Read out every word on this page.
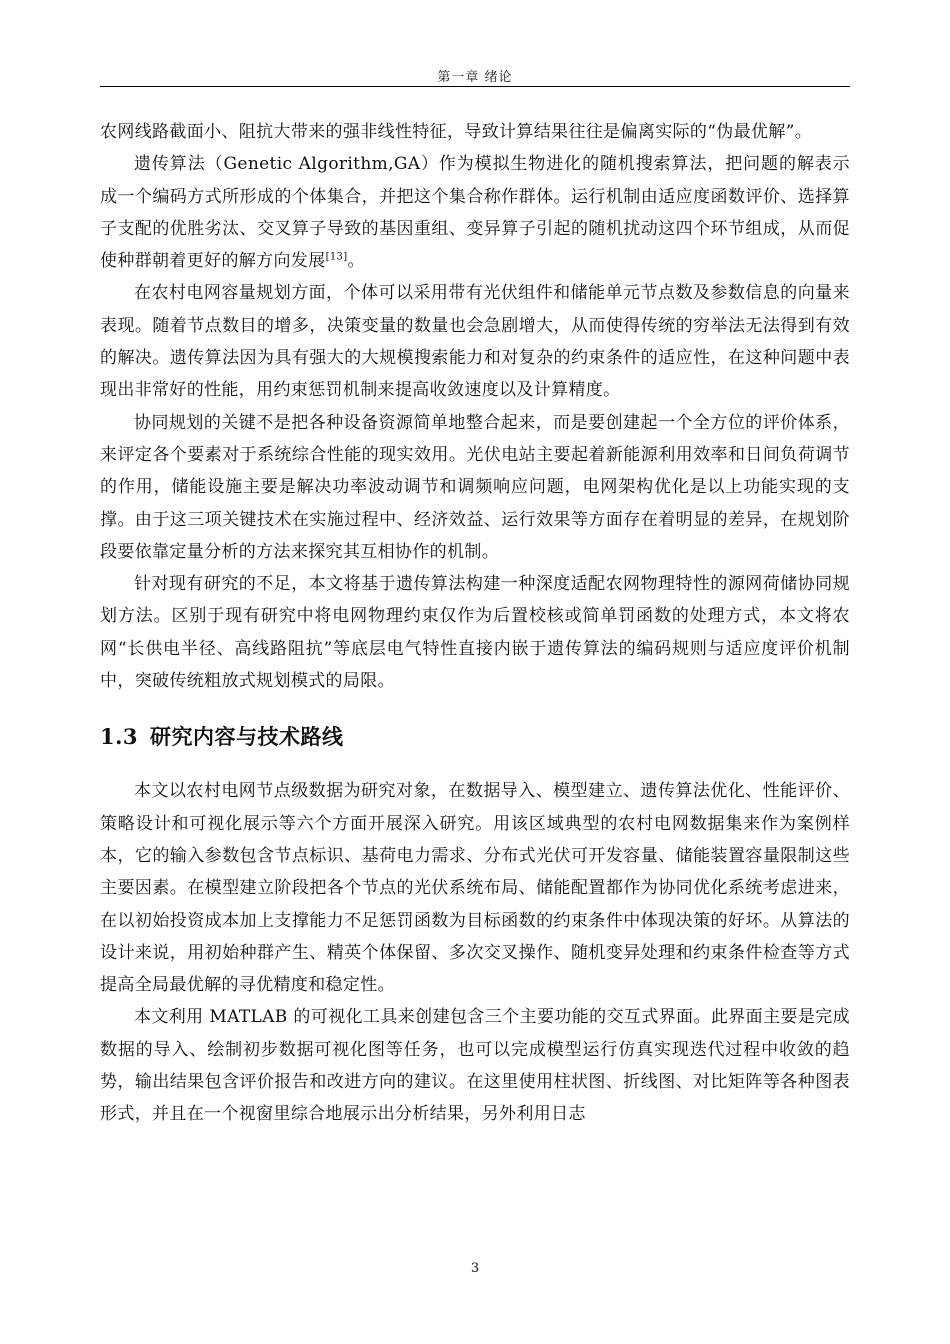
第一章 绪论

农网线路截面小、阻抗大带来的强非线性特征，导致计算结果往往是偏离实际的“伪最优解”。

遗传算法（Genetic Algorithm,GA）作为模拟生物进化的随机搜索算法，把问题的解表示成一个编码方式所形成的个体集合，并把这个集合称作群体。运行机制由适应度函数评价、选择算子支配的优胜劣汰、交叉算子导致的基因重组、变异算子引起的随机扰动这四个环节组成，从而促使种群朝着更好的解方向发展[13]。

在农村电网容量规划方面，个体可以采用带有光伏组件和储能单元节点数及参数信息的向量来表现。随着节点数目的增多，决策变量的数量也会急剧增大，从而使得传统的穷举法无法得到有效的解决。遗传算法因为具有强大的大规模搜索能力和对复杂的约束条件的适应性，在这种问题中表现出非常好的性能，用约束惩罚机制来提高收敛速度以及计算精度。

协同规划的关键不是把各种设备资源简单地整合起来，而是要创建起一个全方位的评价体系，来评定各个要素对于系统综合性能的现实效用。光伏电站主要起着新能源利用效率和日间负荷调节的作用，储能设施主要是解决功率波动调节和调频响应问题，电网架构优化是以上功能实现的支撑。由于这三项关键技术在实施过程中、经济效益、运行效果等方面存在着明显的差异，在规划阶段要依靠定量分析的方法来探究其互相协作的机制。

针对现有研究的不足，本文将基于遗传算法构建一种深度适配农网物理特性的源网荷储协同规划方法。区别于现有研究中将电网物理约束仅作为后置校核或简单罚函数的处理方式，本文将农网“长供电半径、高线路阻抗”等底层电气特性直接内嵌于遗传算法的编码规则与适应度评价机制中，突破传统粗放式规划模式的局限。

1.3 研究内容与技术路线

本文以农村电网节点级数据为研究对象，在数据导入、模型建立、遗传算法优化、性能评价、策略设计和可视化展示等六个方面开展深入研究。用该区域典型的农村电网数据集来作为案例样本，它的输入参数包含节点标识、基荷电力需求、分布式光伏可开发容量、储能装置容量限制这些主要因素。在模型建立阶段把各个节点的光伏系统布局、储能配置都作为协同优化系统考虑进来，在以初始投资成本加上支撑能力不足惩罚函数为目标函数的约束条件中体现决策的好坏。从算法的设计来说，用初始种群产生、精英个体保留、多次交叉操作、随机变异处理和约束条件检查等方式提高全局最优解的寻优精度和稳定性。

本文利用 MATLAB 的可视化工具来创建包含三个主要功能的交互式界面。此界面主要是完成数据的导入、绘制初步数据可视化图等任务，也可以完成模型运行仿真实现迭代过程中收敛的趋势，输出结果包含评价报告和改进方向的建议。在这里使用柱状图、折线图、对比矩阵等各种图表形式，并且在一个视窗里综合地展示出分析结果，另外利用日志

3
